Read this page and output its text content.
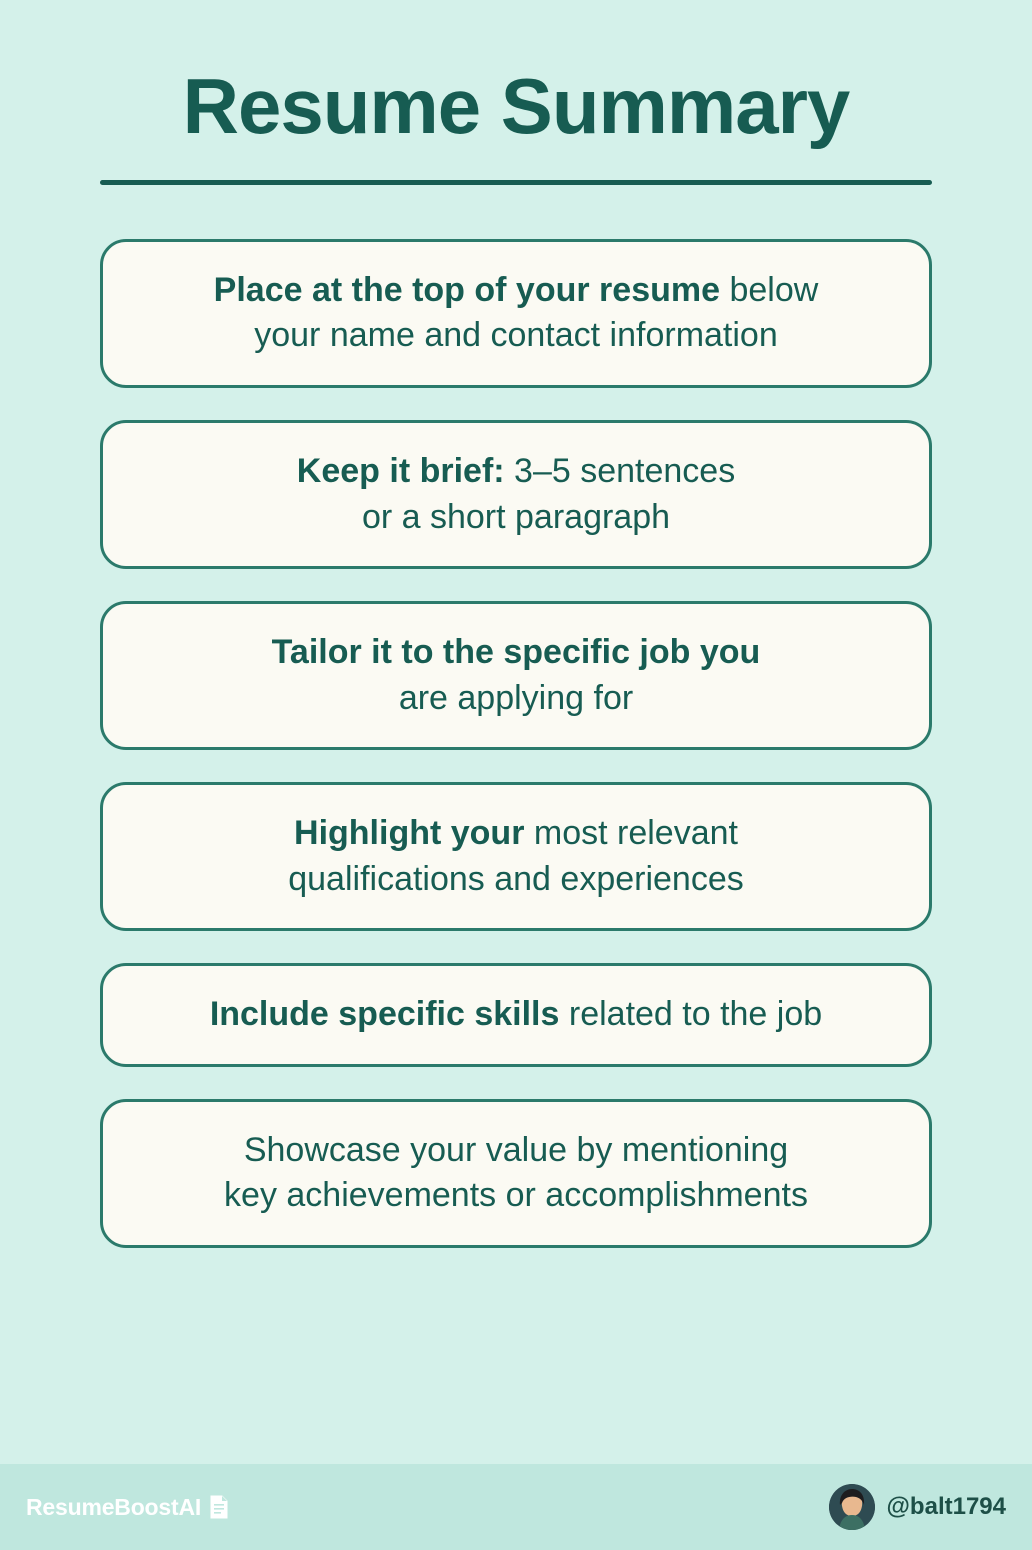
Resume Summary
Place at the top of your resume below
your name and contact information
Keep it brief: 3–5 sentences
or a short paragraph
Tailor it to the specific job you
are applying for
Highlight your most relevant
qualifications and experiences
Include specific skills related to the job
Showcase your value by mentioning
key achievements or accomplishments
ResumeBoostAI	@balt1794
